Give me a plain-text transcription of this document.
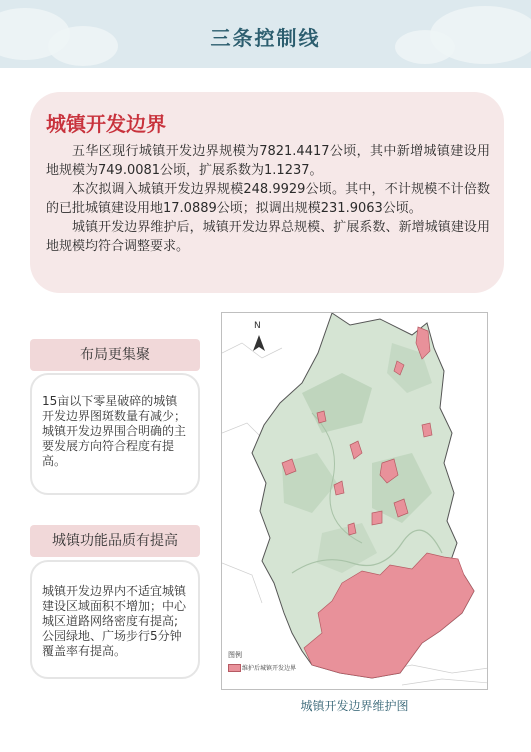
三条控制线
城镇开发边界

五华区现行城镇开发边界规模为7821.4417公顷，其中新增城镇建设用地规模为749.0081公顷，扩展系数为1.1237。

本次拟调入城镇开发边界规模248.9929公顷。其中，不计规模不计倍数的已批城镇建设用地17.0889公顷；拟调出规模231.9063公顷。

城镇开发边界维护后，城镇开发边界总规模、扩展系数、新增城镇建设用地规模均符合调整要求。

布局更集聚
15亩以下零星破碎的城镇开发边界图斑数量有减少；城镇开发边界围合明确的主要发展方向符合程度有提高。
城镇功能品质有提高
城镇开发边界内不适宜城镇建设区域面积不增加；中心城区道路网络密度有提高;公园绿地、广场步行5分钟覆盖率有提高。
N
图例
维护后城镇开发边界
城镇开发边界维护图
